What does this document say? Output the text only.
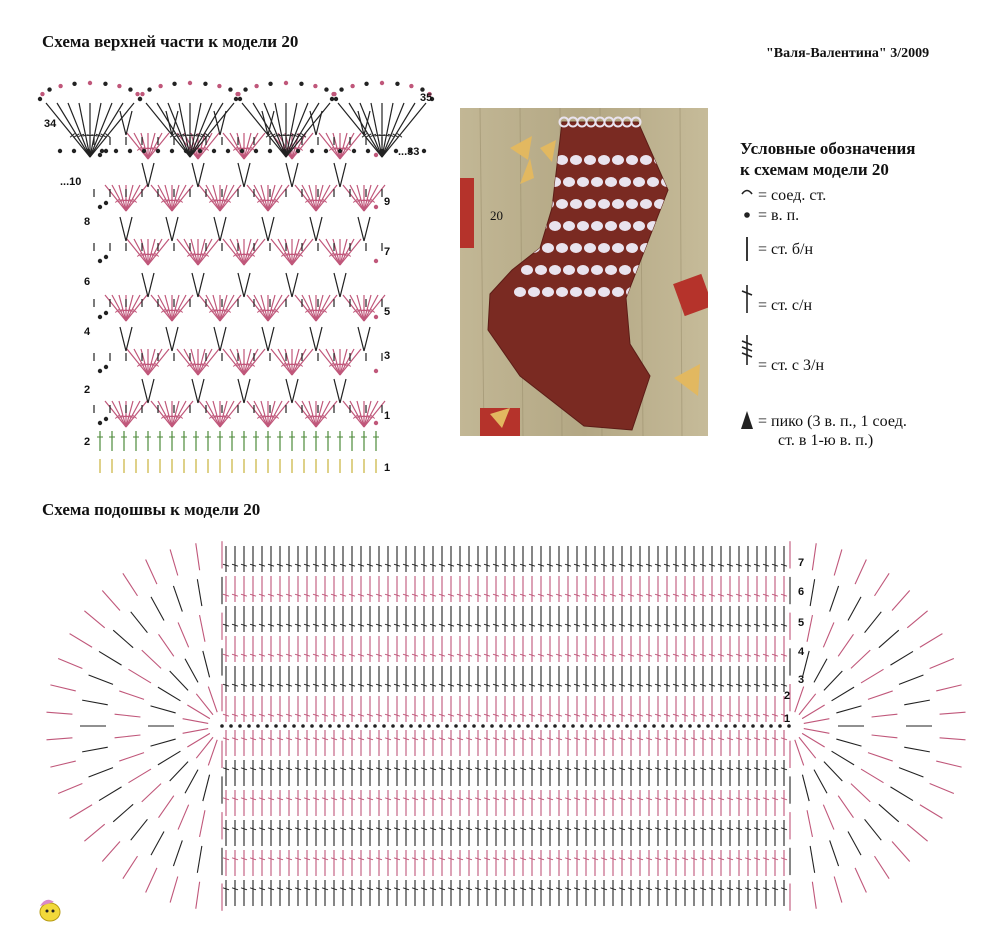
Схема верхней части к модели 20
"Валя-Валентина" 3/2009
Схема подошвы к модели 20
34
...10
8
6
4
2
2
35
...33
9
7
5
3
1
1
20
Условные обозначения
к схемам модели 20
= соед. ст.
= в. п.
= ст. б/н
= ст. с/н
= ст. с 3/н
= пико (3 в. п., 1 соед.
ст. в 1-ю в. п.)
7
6
5
4
3
2
1
